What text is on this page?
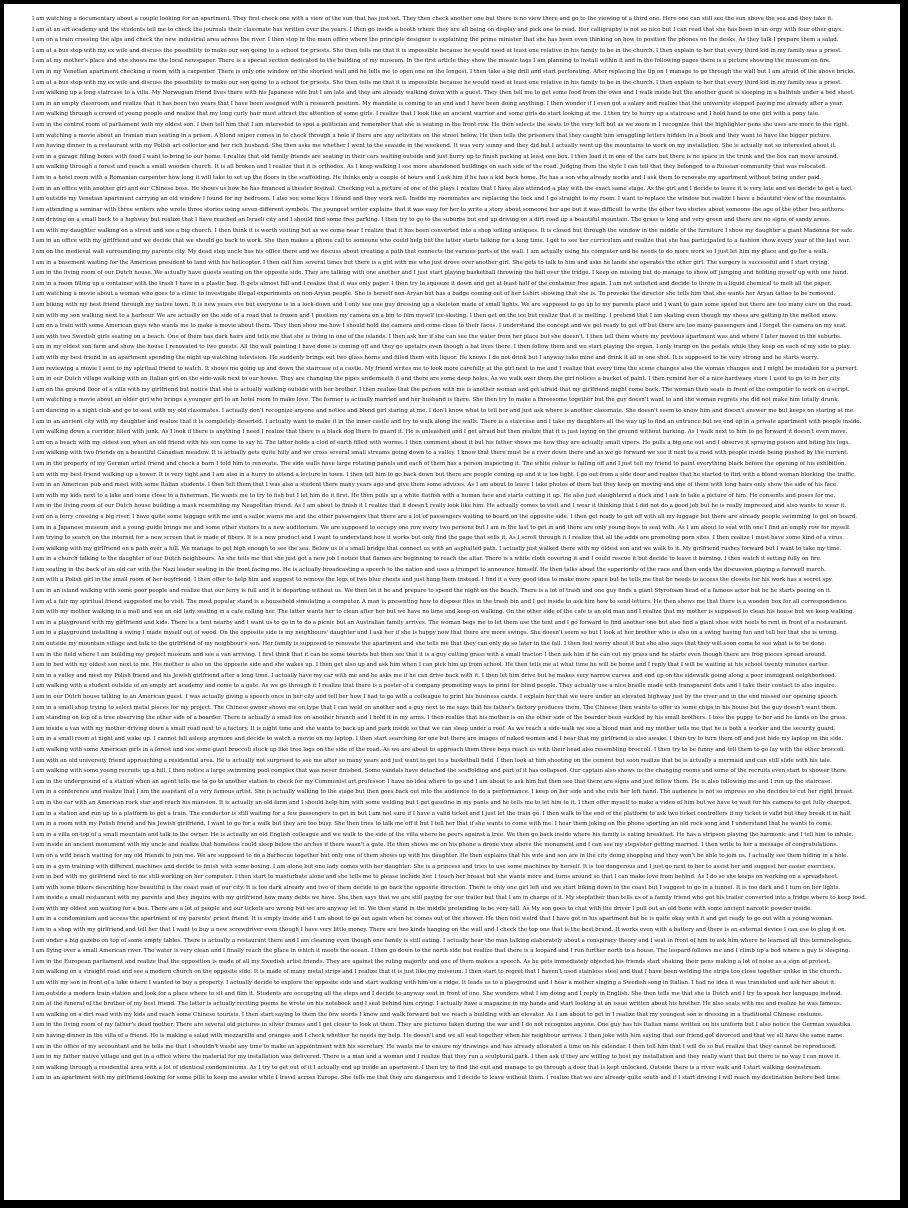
I am watching a documentary about a couple looking for an apartment. They first check one with a view of the sun that has just set. They then check another one but there is no view there and go to the viewing of a third one. Here one can still see the sun above the sea and they take it.
I am at an art academy and the students tell me to check the journals their classmate has written over the years. I then go inside a booth where they are all being on display and pick one to read. Her calligraphy is not so nice but I can read that she has been in an orgy with four other guys.
I am on a train crossing the alps and check the new industrial area across the river. I then stop in the main office where the principle designer is explaining the prime minister that she has been even thinking on how to position the phones on the desks. As they talk I prepare them a salad.
I am at a bus stop with my ex wife and discuss the possibility to make our son going to a school for priests. She then tells me that it is impossible because he would need at least one relative in his family to be in the church. I then explain to her that every third kid in my family was a priest.
I am at my mother's place and she shows me the local newspaper. There is a special section dedicated to the building of my museum. In the first article they show the mosaic tags I am planning to install within it and in the following pages there is a picture showing the museum on fire.
I am in my Venetian apartment checking a room with a carpenter. There is only one window on the shortest wall and he tells me to open one on the longest. I then take a big drill and start perforating. After replacing the tip on I manage to go through the wall but I am afraid of the above bricks.
I am at a bus stop with my ex wife and discuss the possibility to make our son going to a school for priests. She then tells me that it is impossible because he would need at least one relative in his family to be in the church. I then explain to her that every third kid in my family was a priest.
I am walking up a long staircase to a villa. My Norwegian friend lives there with his Japanese wife but I am late and they are already walking down with a guest. They then tell me to get some food from the oven and I walk inside but the another guest is sleeping in a bathtub under a bed sheet.
I am in an empty classroom and realize that it has been two years that I have been assigned with a research position. My mandate is coming to an end and I have been doing anything. I then wonder if I even got a salary and realize that the university stopped paying me already after a year.
I am walking through a crowd of young people and realize that my long curly hair must attract the attention of some girls. I realize that I look like an ancient warrior and some girls do start looking at me. I then try to hurry up a staircase and I hold hand to one girl with a pony tale.
I am in the control room of parliament with my oldest son. I then tell him that I am interested to spot a politician and remember that she is seating in the front row. He then selects the seats to the very left but as we zoom in I recognize that the highlighter pens she uses are more to the right.
I am watching a movie about an Iranian man seating in a prison. A blond sniper comes in to check through a hole if there are any activities on the street below. He then tells the prisoners that they caught him smuggling letters hidden in a book and they want to have the bigger picture.
I am having dinner in a restaurant with my Polish art collector and her rich husband. She then asks me whether I went to the seaside in the weekend. It was very sunny and they did but I actually went up the mountains to work on my installation. She is actually not so interested about it.
I am in a garage filling boxes with food I want to bring to our home. I realize that old family friends are seating in their cars waiting outside and just hurry up to finish packing at least one box. I then load it in one of the cars but there is no space in the trunk and the box can move around.
I am walking through a forest and reach a small wooden church. It is all broken and I realize that it is orthodox. As I keep walking I see more abandoned buildings on each side of the road. Judging from the style I can tell that they belonged to a Russian community that was relocated.
I am in a hotel room with a Romanian carpenter how long it will take to set up the floors in the scaffolding. He thinks only a couple of hours and I ask him if he has a kid back home. He has a son who already works and I ask them to renovate my apartment without being under paid.
I am in an office with another girl and our Chinese boss. He shows us how he has financed a theater festival. Checking out a picture of one of the plays I realize that I have also attended a play with the exact same stage. As the girl and I decide to leave it is very late and we decide to get a taxi.
I am outside my Venetian apartment carrying an old window I found for my bedroom. I also see some keys I found and they work well. Inside my roommates are replacing the lock and I go straight to my room. I want to replace the window but realize I have a beautiful view of the mountains.
I am attending a seminar with three writers who wrote three stories using seven different symbols. The youngest writer explains that it was easy for her to write a story about someone her age but it was difficult to write the other two stories about someone the age of the other two authors.
I am driving on a small back to a highway but realize that I have reached an Israeli city and I should find some free parking. I then try to go to the suburbs but end up driving on a dirt road up a beautiful mountain. The grass is long and very green and there are no signs of sandy areas.
I am with my daughter walking on a street and see a big church. I then think it is worth visiting but as we come near I realize that it has been converted into a shop selling antiques. It is closed but through the window in the middle of the furniture I show my daughter a giant Madonna for sale.
I am in an office with my girlfriend and we decide that we should go back to work. She then makes a phone call to someone who could help but the latter starts talking for a long time. I get to see her curriculum and realize that she has participated to a fashion show every year of the last war.
I am on the medieval wall surrounding my parents city. My dead step uncle has his office there and we discuss about creating a path that connects the various parts of the wall. I am actually using his computer and he needs to do more work so I just let him my place and go for a walk.
I am in a basement waiting for the American president to land with his helicopter. I then call him several times but there is a girl with me who just drove over another girl. She gets to talk to him and asks he lands she operates the other girl. The surgery is successful and I start crying.
I am in the living room of our Dutch house. We actually have guests seating on the opposite side. They are talking with one another and I just start playing basketball throwing the ball over the fridge. I keep on missing but do manage to show off jumping and holding myself up with one hand.
I am in a room filling up a container with the trash I have in a plastic bag. It gets almost full and I realize that it was only paper. I then try to squeeze it down and get at least half of the container free again. I am not satisfied and decide to throw in a liquid chemical to melt all the paper.
I am watching a movie about a woman who goes to a clinic to investigate illegal experiments on non-Aryan people. She is herself non-Aryan but has a badge coming out of her t-shirt showing that she is. To provoke the director she tells him that she wants her Aryan tattoo to be removed.
I am biking with my best friend through my native town. It is new years eve but everyone is in a lock-down and I only see one guy dressing up a skeleton made of small lights. We are supposed to go up to my parents place and I want to gain some speed but there are too many cars on the road.
I am with my son walking next to a harbour. We are actually on the side of a road that is frozen and I position my camera on a bin to film myself ice-skating. I then get on the ice but realize that it is melting. I pretend that I am skating even though my shoes are getting in the melted snow.
I am on a train with some American guys who wants me to make a movie about them. They then show me how I should hold the camera and come close to their faces. I understand the concept and we get ready to get off but there are too many passengers and I forget the camera on my seat.
I am with two Swedish girls seating on a beach. One of them has dark hairs and tells me that she is living in one of the islands. I then ask her if she can see the water from her place but she doesn't. I then tell them where my previous apartment was and where I later moved in the suburbs.
I am in my oldest son farm and show the house I renovated to two guests. All the wall painting I have done is coming off and they go upstairs even though a bat lives there. I then follow them and we start playing the organ. I only tramp on the pedals while they keep on each of my side to play.
I am with my best friend in an apartment spending the night up watching television. He suddenly brings out two glass horns and filled them with liquor. He knows I do not drink but I anyway take mine and drink it all in one shot. It is supposed to be very strong and he starts worry.
I am reviewing a movie I sent to my spiritual friend to watch. It shows me going up and down the staircase of a castle. My friend writes me to look more carefully at the girl next to me and I realize that every time the scene changes also the woman changes and I might be mistaken for a pervert.
I am in our Dutch village walking with an Italian girl on the side-walk next to our house. They are changing the pipes underneath it and there are some deep holes. As we walk over them the girl notices a bucket of paint. I then remind her of a nice hardware store I used to go to in her city.
I am on the ground floor of a villa with my girlfriend but notice that she is actually walking outside with her brother. I then realize that the person with me is another woman and get afraid that my girlfriend might come back. The woman then seats in front of the computer to work on a script.
I am watching a movie about an older girl who brings a younger girl to an hotel room to make love. The former is actually married and her husband is there. She then try to make a threesome together but the guy doesn't want to and the woman regrets she did not make him totally drunk.
I am dancing in a night club and go to seat with my old classmates. I actually don't recognize anyone and notice and blond girl staring at me. I don't know what to tell her and just ask where is another classmate. She doesn't seem to know him and doesn't answer me but keeps on staring at me.
I am in an ancient city with my daughter and realize that it is completely deserted. I actually want to make it in the inner castle and try to walk along the walls. There is a staircase and I take my daughters all the way up to find an entrance but we end up in a private apartment with people inside.
I am walking down a corridor filled with junk. As I look if there is anything I need I realize that there is a black dog there to guard it. He is unleashed and I get afraid but then realize that it is just laying on the ground without barking. As I walk next to him to go forward it doesn't even move.
I am on a beach with my oldest son when an old friend with his son come to say hi. The latter holds a clod of earth filled with worms. I then comment about it but his father shows me how they are actually small vipers. He pulls a big one out and I observe it spraying poison and biting his legs.
I am walking with two friends on a beautiful Canadian meadow. It is actually gets quite hilly and we cross several small streams going down to a valley. I know that there must be a river down there and as we go forward we see it next to a road with people inside being pushed by the current.
I am in the property of my German artist friend and check a barn I told him to renovate. The side walls have large rotating panels and each of them has a person inspecting it. The white colour is falling off and I just tell my friend to paint everything black before the opening of his exhibition.
I am with my best friend walking up a tower. It is very tight and I am also in a hurry to attend a lecture in town. I then tell him to go back down but there are people coming up and it is too tight. I go out from a side door and realize that he started to flirt with a blond woman blocking the traffic.
I am in an American pub and meet with some Italian students. I then tell them that I was also a student there many years ago and give them some advices. As I am about to leave I take photos of them but they keep on moving and one of them with long hairs only show the side of his face.
I am with my kids next to a lake and come close to a fisherman. He wants me to try to fish but I let him do it first. He then pulls up a white flatfish with a human face and starts cutting it up. He also just slaughtered a duck and I ask to take a picture of him. He consents and poses for me.
I am in the living room of our Dutch house building a mask resembling my Neapolitan friend. As I am about to finish it I realize that it doesn't really look like him. He actually comes to visit and I wear it thinking that I did not do a good job but he is really impressed and also wants to wear it.
I am on a ferry crossing a big river. I have quite some luggage with me and a sailor warns me and the other passengers that there are a lot of passengers waiting to board on the opposite side. I then get ready to get off with all my luggage but there are already people swimming to get on board.
I am in a Japanese museum and a young guide brings me and some other visitors to a new auditorium. We are supposed to occupy one row every two persons but I am in the last to get in and there are only young boys to seat with. As I am about to seat with one I find an empty row for myself.
I am trying to search on the internet for a new screen that is made of fibers. It is a new product and I want to understand how it works but only find the page that sells it. As I scroll through it I realize that all the adds are promoting porn sites. I then realize I must have some kind of a virus.
I am walking with my girlfriend on a path over a hill. We manage to get high enough to see the sea. Below us is a small bridge that connect us with an asphalted path. I actually just walked there with my oldest son and we walk to it. My girlfriend rushes forward but I want to take my time.
I am in a church talking to the daughter of our Dutch neighbours. As she tells me that she just got a new job I notice that flames are beginning to reach the altar. There is a white cloth covering it and I could rescue it but decide to leave it burning. I then watch it setting fully on fire.
I am seating in the back of an old car with the Nazi leader seating in the front facing me. He is actually broadcasting a speech to the nation and uses a trumpet to announce himself. He then talks about the superiority of the race and then ends the discussion playing a farewell march.
I am with a Polish girl in the small room of her boyfriend. I then offer to help him and suggest to remove the legs of two blue chests and just hang them instead. I find it a very good idea to make more space but he tells me that he needs to access the closets for his work has a secret spy.
I am in an island walking with some poor people and realize that our ferry is full and it is departing without us. We then let it be and prepare to spend the night on the beach. There is a lot of trash and one guy finds a giant Styrofoam head of a famous actor but he he starts peeing on it.
I am at a fair my spiritual friend suggested me to visit. The most popular stand is a household simulating a computer. A man is presenting how to dispose files in the trash bin and I get inside to ask him how to send letters. He then shows me that there is a wooden box for all correspondence.
I am with my mother walking in a mall and see an old lady seating in a cafe calling her. The latter wants her to clean after her but we have no time and keep on walking. On the other side of the cafe is an old man and I realize that my mother is supposed to clean his house but we keep walking.
I am in a playground with my girlfriend and kids. There is a tent nearby and I want us to go in to do a picnic but an Australian family arrives. The woman begs me to let them use the tent and I go forward to find another one but also find a giant shoe with heels to rent in front of a restaurant.
I am in a playground installing a swing I made myself out of wood. On the opposite side is my neighbours' daughter and I ask her if she is happy now that there are more swings. She doesn't seem so but I look at her brother who is also on a swing having fun and tell her that she is wrong.
I am outside my mountain village and talk to the girlfriend of my neighbour's son. Her family is supposed to renovate the apartment and she tells me that they can only do so later in the fall. I then feel worry about it but she also says that they will soon come to see what is to be done.
I am in the field where I am building my project museum and see a van arriving. I first think that it can be some tourists but then see that it is a guy cutting grass with a small tractor. I then ask him if he can cut my grass and he starts even though there are frog pieces spread around.
I am in bed with my oldest son next to me. His mother is also on the opposite side and she wakes up. I then get also up and ask him when I can pick him up from school. He then tells me at what time he will be home and I reply that I will be waiting at his school twenty minutes earlier.
I am in a valley and meet my Polish friend and his Jewish girlfriend after a long time. I actually have my car with me and he asks me if he can drive back with it. I then let him drive but he makes very narrow curves and end up on the sidewalk going along a poor immigrant neighborhood.
I am walking with a student outside of an empty art academy and come to a gate. As we go through it I realize that there is a poster of a company promoting ways to print for blind people. They actually use a nice braille made with transparent dots and I take their contact to also inquire.
I am in our Dutch house talking to an American guest. I was actually giving a speech once in her city and tell her how I had to go with a colleague to print his business cards. I explain her that we were under an elevated highway just by the river and in the end missed our opening speech.
I am in a small shop trying to select metal pieces for my project. The Chinese owner shows me on type that I can weld on another and a guy next to me says that his father's factory produces them. The Chinese then wants to offer us some chips in his house but the guy doesn't want them.
I am standing on top of a tree observing the other side of a boarder. There is actually a small fox on another branch and I hold it in my arms. I then realize that his mother is on the other side of the boarder been suckled by his small brothers. I toss the puppy to her and he lands on the grass.
I am inside a van with my mother driving down a small road next to a factory. It is night time and she wants to back up and park inside so that we can sleep under a roof. As we reach a side-walk we see a blond man and my mother tells me that he is both a worker and the security guard.
I am in a small room at night and wake up. I cannot fall asleep anymore and decide to watch a movie on my laptop. I then start searching for one but there are images of naked women and I hear that my girlfriend is also awake. I then try to turn them off and just hide my laptop on the side.
I am walking with some American girls in a forest and see some giant broccoli stuck up like tree logs on the side of the road. As we are about to approach them three boys reach us with their head also resembling broccoli. I then try to be funny and tell them to go lay with the other broccoli.
I am with an old university friend approaching a residential area. He is actually not surprised to see me after so many years and just want to get to a basketball field. I then look at him shooting on the cement but soon realize that he is actually a mermaid and can still slide with his tale.
I am walking with some young recruits up a hill. I then notice a large swimming pool complex that was never finished. Some vandals have detached the scaffolding and part of it has collapsed. Our captain also shows us the changing rooms and some of the recruits even start to shower there.
I am in the underground of a station when an agent tells me to go to another station to check for my Communist art professor. I have no idea where to go and I am about to ask him but then see that there are signs and just follow them. He is also following me and I run up the staircase.
I am in a conference and realize that I am the assistant of a very famous artist. She is actually walking to the stage but then goes back out into the audience to do a performance. I keep on her side and she cuts her left hand. The audience is not so impress so she decides to cut her right breast.
I am in the car with an American rock star and reach his mansion. It is actually an old farm and I should help him with some welding but I get gasoline in my pants and he tells me to let him to it. I then offer myself to make a video of him but we have to wait for his camera to get fully charged.
I am in a station and run up to a platform to get a train. The conductor is still waiting for a few passengers to get in but I am not sure if I have a valid ticket and I just let the train go. I then walk to the end of the platform to ask two ticket controllers if my ticket is valid but they break it in half.
I am in a room with my Polish friend and his Jewish girlfriend. I want to go for a walk but they are too busy. She then tries to talk me off it but I tell her that if she wants to come with me. I hear them joking on the phone sporting an old rock song and I understand that he wants to come.
I am in a villa on top of a small mountain and talk to the owner. He is actually an old English colleague and we walk to the side of the villa where he peers against a tree. We then go back inside where his family is eating breakfast. He has a stripson playing the harmonic and I tell him to inhale.
I am inside an ancient monument with my uncle and realize that homeless could sleep below the arches if there wasn't a gate. He then shows me on his phone a drone view above the monument and I can see my stepsister getting married. I then write to her a message of congratulations.
I am on a wild beach waiting for my old friends to join me. We are supposed to do a barbecue together but only one of them shows up with his daughter. He then explains that his wife and son are in the city doing shopping and they won't be able to join us. I actually see them hiding in a hole.
I am in a gym training with different machines and decide to finish with some boxing. I am alone but one lady comes with her daughter. She is a princess and tries to use some machines by herself. It is too dangerous and I just go next to her to assist her and suggest her easier exercises.
I am in bed with my girlfriend next to me still working on her computer. I then start to masturbate alone and she tells me to please include her. I touch her breast but she wants more and turns around so that I can make love from behind. As I do so she keeps on working on a spreadsheet.
I am with some bikers describing how beautiful is the coast road of our city. It is too dark already and two of them decide to go back the opposite direction. There is only one girl left and we start biking down to the coast but I suggest to go in a tunnel. It is too dark and I turn on her lights.
I am inside a small restaurant with my parents and they inquire with my girlfriend how many debts we have. She then says that we are still paying for our trailer but that I am in charge of it. My stepfather than tells us of a family friend who got his trailer converted into a fridge where to keep food.
I am with my oldest son waiting for a bus. There are a lot of people and our tickets are wrong but we are anyway let in. We then stand in the middle pretending to be very tall. As My son goes to chat with the driver I pull out an old bone with some ancient narcotic powder inside.
I am in a condominium and access the apartment of my parents' priest friend. It is empty inside and I am about to go out again when he comes out of the shower. He then feel weird that I have got in his apartment but he is quite okay with it and get ready to go out with a young woman.
I am in a shop with my girlfriend and tell her that I want to buy a new screwdriver even though I have very little money. There are two kinds hanging on the wall and I check the top one that is the best brand. It works even with a battery and there is an external device I can use to plug it on.
I am under a big gazebo on top of some empty tables. There is actually a restaurant there and I am cleaning even though one family is still eating. I actually hear the man talking elaborately about a conspiracy theory and I seat in front of him to ask him where he learned all this terminologies.
I am flying over a small American river. The water is very clean and I finally reach the place in which it meets the ocean. I then go down to the north side but realize that there is a leopard and I run further north to a house. The leopard follows me and I climb up a bed where a guy is sleeping.
I am in the European parliament and realize that the opposition is made of all my Swedish artist friends. They are against the ruling majority and one of them makes a speech. As he gets immediately objected his friends start shaking their pens making a lot of noise as a sign of protest.
I am walking on a straight road and see a modern church on the opposite side. It is made of many metal strips and I realize that it is just like my museum. I then start to regret that I haven't used stainless steel and that I have been welding the strips too close together unlike in the church.
I am with my son in front of a lake where I wanted to buy a property. I actually decide to explore the opposite side and start walking with him on a ridge. It leads us to a playground and I hear a mother singing a Swedish song in Italian. I had no idea it was translated and ask her about it.
I am outside a modern train station and look for a place where to sit and film it. Students are occupying all the steps and I decide to anyway seat in front of one. She wonders what I am doing and I reply in English. She then tells me that she is Dutch and I try to speak her language instead.
I am at the funeral of the brother of my best friend. The latter is actually reciting poems he wrote on his notebook and I seat behind him crying. I actually have a magazine in my hands and start looking at an issue written about his brother. He also seats with me and realize he was famous.
I am walking on a dirt road with my kids and reach some Chinese tourists. I then start saying to them the few words I know and walk forward but we reach a building with an elevator. As I am about to get in I realize that my youngest son is dressing in a traditional Chinese costume.
I am in the living room of my father's dead mother. There are several old pictures in silver frames and I get closer to look at them. They are pictures taken during the war and I do not recognize anyone. One guy has his Italian name written on his uniform but I also notice the German swastika.
I am having dinner in the villa of a friend. He is making a salad with mozzarella and oranges and I check whether he needs my help. He doesn't and we all seat together when his neighbour arrives. I then joke with him saying that our friend got divorced and that we all have the same name.
I am in the office of my accountant and he tells me that I shouldn't waste any time to make an appointment with his secretary. He wants me to ensure my drawings and has already allocated a time on his calendar. I then tell him that I will do so but realize that they cannot be reproduced.
I am in my father native village and get in a office where the material for my installation was delivered. There is a man and a woman and I realize that they run a sculptural park. I then ask if they are willing to host my installation and they really want that but there is no way I can move it.
I am walking through a residential area with a lot of identical condominiums. As I try to get out of it I actually end up inside an apartment. I then try to find the exit and manage to go through a door that is kept unlocked. Outside there is a river walk and I start walking downstream.
I am in an apartment with my girlfriend looking for some pills to keep me awake while I travel across Europe. She tells me that they are dangerous and I decide to leave without them. I realize that we are already quite south and if I start driving I will reach my destination before bed time.
